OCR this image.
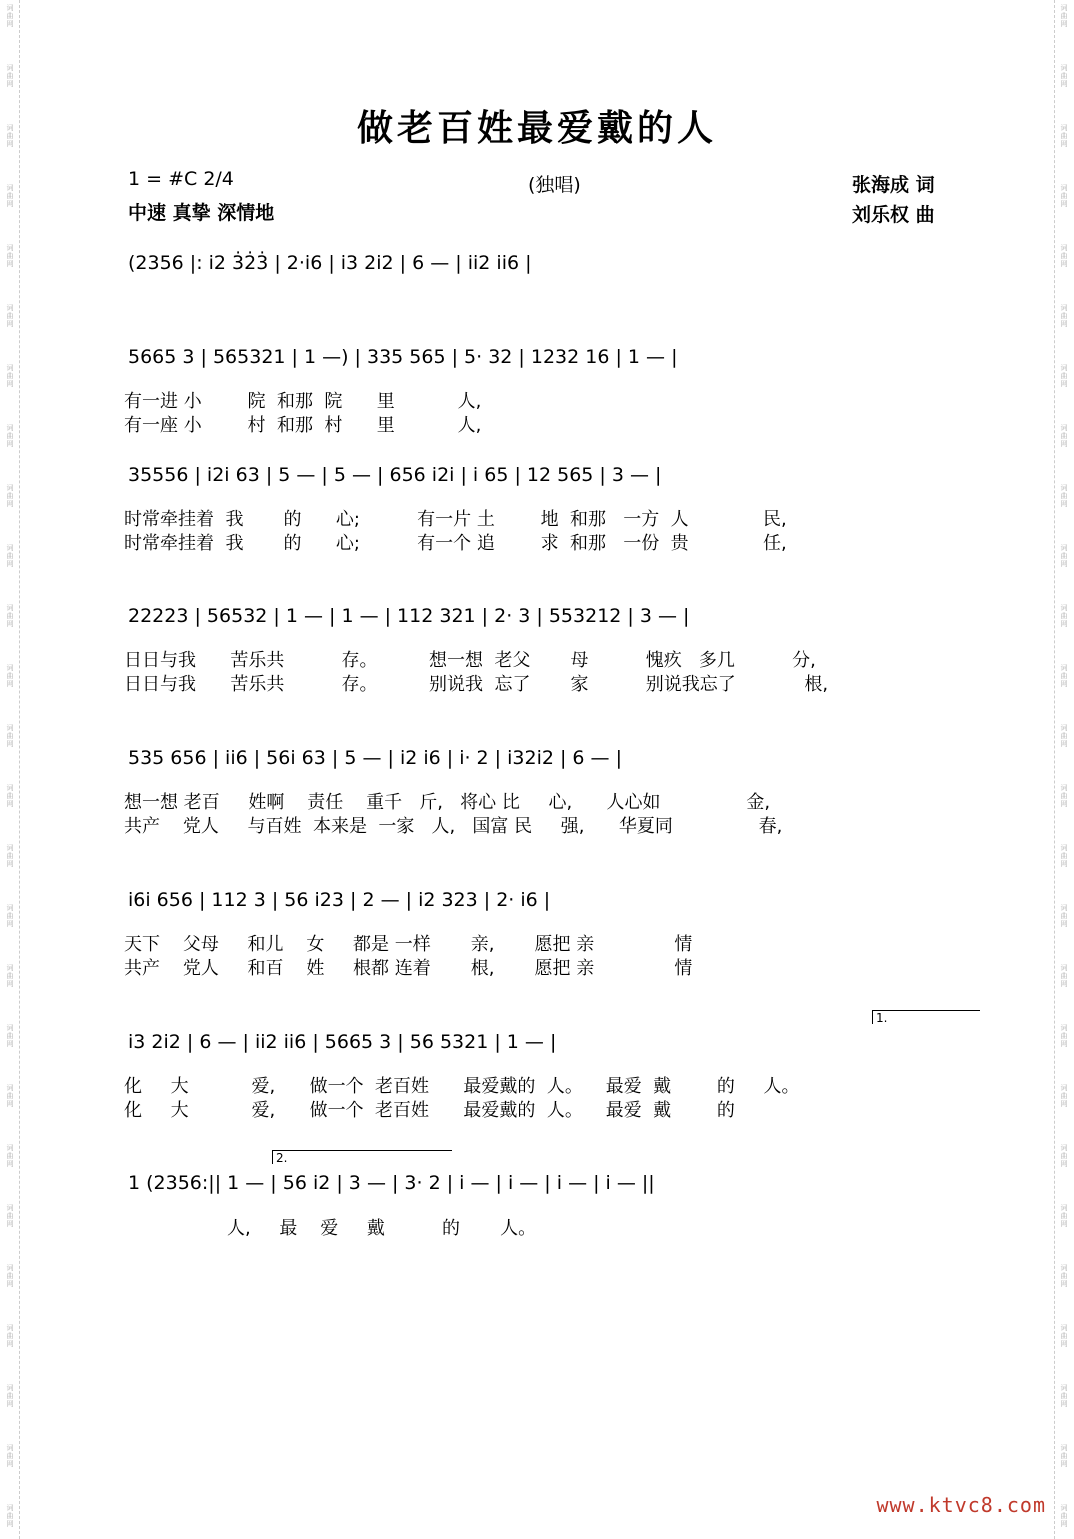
词曲网
词曲网
词曲网
词曲网
词曲网
词曲网
词曲网
词曲网
词曲网
词曲网
词曲网
词曲网
词曲网
词曲网
词曲网
词曲网
词曲网
词曲网
词曲网
词曲网
词曲网
词曲网
词曲网
词曲网
词曲网
词曲网
词曲网
词曲网
词曲网
词曲网
词曲网
词曲网
词曲网
词曲网
词曲网
词曲网
词曲网
词曲网
词曲网
词曲网
词曲网
词曲网
词曲网
词曲网
词曲网
词曲网
词曲网
词曲网
词曲网
词曲网
词曲网
词曲网
做老百姓最爱戴的人
1 = #C 2/4	(独唱)
中速 真挚 深情地
张海成 词
刘乐权 曲
(2356 |: i2 3̇2̇3̇ | 2·i6 | i3 2i2 | 6 — | ii2 ii6 |
5665 3 | 565321 | 1 —) | 335 565 | 5· 32 | 1232 16 | 1 — |
有一进 小        院  和那  院      里           人,
有一座 小        村  和那  村      里           人,
35556 | i2i 63 | 5 — | 5 — | 656 i2i | i 65 | 12 565 | 3 — |
时常牵挂着  我       的      心;          有一片 土        地  和那   一方  人             民,
时常牵挂着  我       的      心;          有一个 追        求  和那   一份  贵             任,
22223 | 56532 | 1 — | 1 — | 112 321 | 2· 3 | 553212 | 3 — |
日日与我      苦乐共          存。         想一想  老父       母          愧疚   多几          分,
日日与我      苦乐共          存。         别说我  忘了       家          别说我忘了            根,
535 656 | ii6 | 56i 63 | 5 — | i2 i6 | i· 2 | i32i2 | 6 — |
想一想 老百     姓啊    责任    重千   斤,   将心 比     心,      人心如               金,
共产    党人     与百姓  本来是  一家   人,   国富 民     强,      华夏同               春,
i6i 656 | 112 3 | 56 i23 | 2 — | i2 323 | 2· i6 |
天下    父母     和儿    女     都是 一样       亲,       愿把 亲              情
共产    党人     和百    姓     根都 连着       根,       愿把 亲              情
1.
i3 2i2 | 6 — | ii2 ii6 | 5665 3 | 56 5321 | 1 — |
化     大           爱,      做一个  老百姓      最爱戴的  人。    最爱  戴        的     人。
化     大           爱,      做一个  老百姓      最爱戴的  人。    最爱  戴        的
2.
1 (2356:|| 1 — | 56 i2 | 3 — | 3· 2 | i — | i — | i — | i — ||
人,     最    爱     戴          的       人。
www.ktvc8.com
